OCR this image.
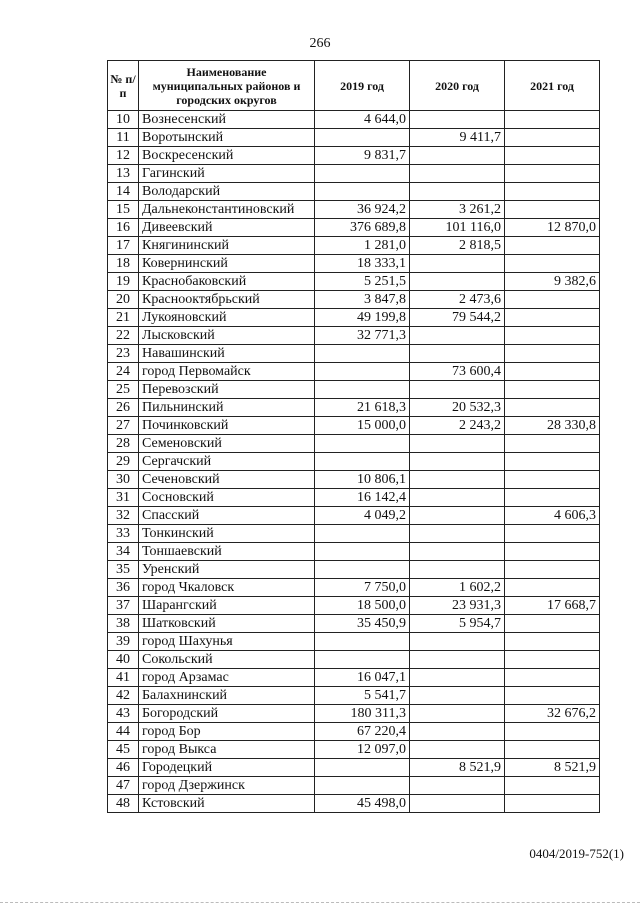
266
№ п/п	Наименование муниципальных районов и городских округов	2019 год	2020 год	2021 год
10	Вознесенский	4 644,0		
11	Воротынский		9 411,7	
12	Воскресенский	9 831,7		
13	Гагинский			
14	Володарский			
15	Дальнеконстантиновский	36 924,2	3 261,2	
16	Дивеевский	376 689,8	101 116,0	12 870,0
17	Княгининский	1 281,0	2 818,5	
18	Ковернинский	18 333,1		
19	Краснобаковский	5 251,5		9 382,6
20	Краснооктябрьский	3 847,8	2 473,6	
21	Лукояновский	49 199,8	79 544,2	
22	Лысковский	32 771,3		
23	Навашинский			
24	город Первомайск		73 600,4	
25	Перевозский			
26	Пильнинский	21 618,3	20 532,3	
27	Починковский	15 000,0	2 243,2	28 330,8
28	Семеновский			
29	Сергачский			
30	Сеченовский	10 806,1		
31	Сосновский	16 142,4		
32	Спасский	4 049,2		4 606,3
33	Тонкинский			
34	Тоншаевский			
35	Уренский			
36	город Чкаловск	7 750,0	1 602,2	
37	Шарангский	18 500,0	23 931,3	17 668,7
38	Шатковский	35 450,9	5 954,7	
39	город Шахунья			
40	Сокольский			
41	город Арзамас	16 047,1		
42	Балахнинский	5 541,7		
43	Богородский	180 311,3		32 676,2
44	город Бор	67 220,4		
45	город Выкса	12 097,0		
46	Городецкий		8 521,9	8 521,9
47	город Дзержинск			
48	Кстовский	45 498,0		
0404/2019-752(1)
